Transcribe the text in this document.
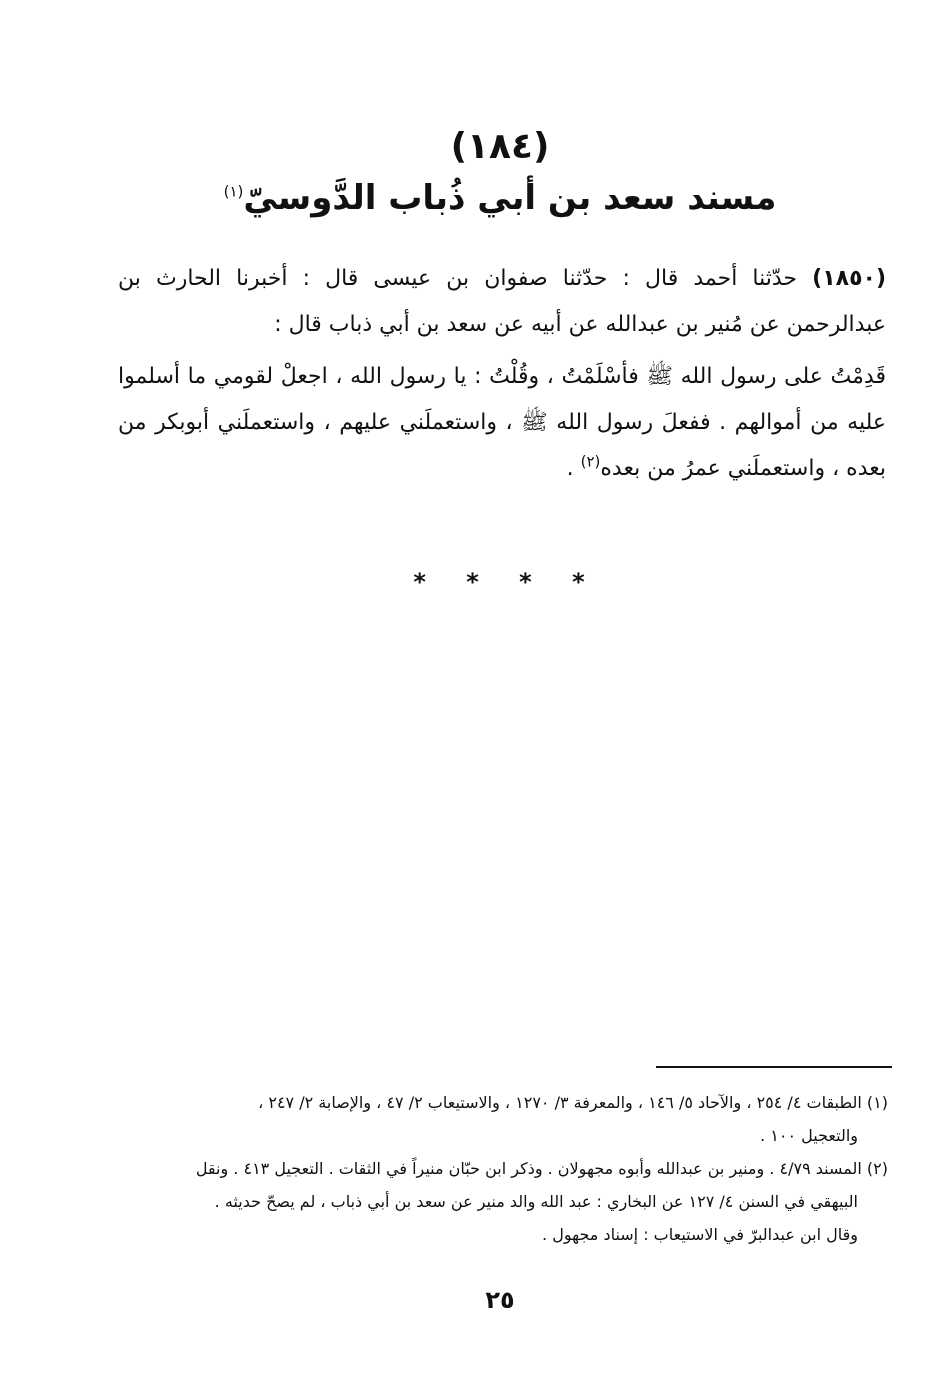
(١٨٤)
مسند سعد بن أبي ذُباب الدَّوسيّ$^{(١)}$
(١٨٥٠) حدّثنا أحمد قال : حدّثنا صفوان بن عيسى قال : أخبرنا الحارث بن عبدالرحمن عن مُنير بن عبدالله عن أبيه عن سعد بن أبي ذباب قال :
قَدِمْتُ على رسول الله ﷺ فأسْلَمْتُ ، وقُلْتُ : يا رسول الله ، اجعلْ لقومي ما أسلموا عليه من أموالهم . ففعلَ رسول الله ﷺ ، واستعملَني عليهم ، واستعملَني أبوبكر من بعده ، واستعملَني عمرُ من بعده$^{(٢)}$ .
* * * *
(١) الطبقات ٤/ ٢٥٤ ، والآحاد ٥/ ١٤٦ ، والمعرفة ٣/ ١٢٧٠ ، والاستيعاب ٢/ ٤٧ ، والإصابة ٢/ ٢٤٧ ،
والتعجيل ١٠٠ .
(٢) المسند ٤/٧٩ . ومنير بن عبدالله وأبوه مجهولان . وذكر ابن حبّان منيراً في الثقات . التعجيل ٤١٣ . ونقل
البيهقي في السنن ٤/ ١٢٧ عن البخاري : عبد الله والد منير عن سعد بن أبي ذباب ، لم يصحّ حديثه .
وقال ابن عبدالبرّ في الاستيعاب : إسناد مجهول .
٢٥
